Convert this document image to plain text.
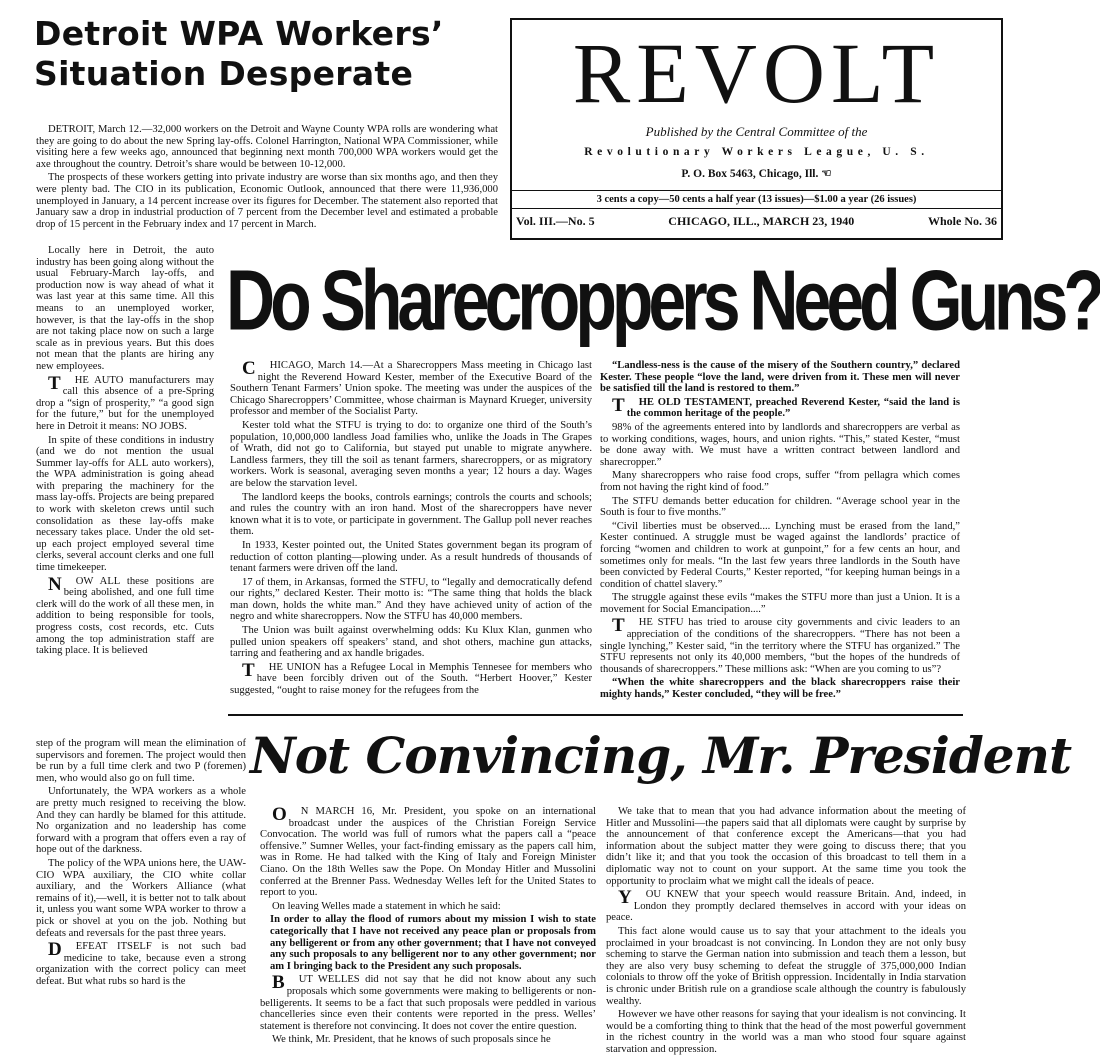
Detroit WPA Workers’
Situation Desperate

DETROIT, March 12.—32,000 workers on the Detroit and Wayne County WPA rolls are wondering what they are going to do about the new Spring lay-offs. Colonel Harrington, National WPA Commissioner, while visiting here a few weeks ago, announced that beginning next month 700,000 WPA workers would get the axe throughout the country. Detroit’s share would be between 10-12,000.

The prospects of these workers getting into private industry are worse than six months ago, and then they were plenty bad. The CIO in its publication, Economic Outlook, announced that there were 11,936,000 unemployed in January, a 14 percent increase over its figures for December. The statement also reported that January saw a drop in industrial production of 7 percent from the December level and estimated a probable drop of 15 percent in the February index and 17 percent in March.

Locally here in Detroit, the auto industry has been going along without the usual February-March lay-offs, and production now is way ahead of what it was last year at this same time. All this means to an unemployed worker, however, is that the lay-offs in the shop are not taking place now on such a large scale as in previous years. But this does not mean that the plants are hiring any new employees.

THE AUTO manufacturers may call this absence of a pre-Spring drop a “sign of prosperity,” “a good sign for the future,” but for the unemployed here in Detroit it means: NO JOBS.

In spite of these conditions in industry (and we do not mention the usual Summer lay-offs for ALL auto workers), the WPA administration is going ahead with preparing the machinery for the mass lay-offs. Projects are being prepared to work with skeleton crews until such consolidation as these lay-offs make necessary takes place. Under the old set-up each project employed several time clerks, several account clerks and one full time timekeeper.

NOW ALL these positions are being abolished, and one full time clerk will do the work of all these men, in addition to being responsible for tools, progress costs, cost records, etc. Cuts among the top administration staff are taking place. It is believed

step of the program will mean the elimination of supervisors and foremen. The project would then be run by a full time clerk and two P (foremen) men, who would also go on full time.

Unfortunately, the WPA workers as a whole are pretty much resigned to receiving the blow. And they can hardly be blamed for this attitude. No organization and no leadership has come forward with a program that offers even a ray of hope out of the darkness.

The policy of the WPA unions here, the UAW-CIO WPA auxiliary, the CIO white collar auxiliary, and the Workers Alliance (what remains of it),—well, it is better not to talk about it, unless you want some WPA worker to throw a pick or shovel at you on the job. Nothing but defeats and reversals for the past three years.

DEFEAT ITSELF is not such bad medicine to take, because even a strong organization with the correct policy can meet defeat. But what rubs so hard is the

REVOLT
Published by the Central Committee of the
Revolutionary Workers League, U. S.
P. O. Box 5463, Chicago, Ill. ☜
3 cents a copy—50 cents a half year (13 issues)—$1.00 a year (26 issues)
Vol. III.—No. 5	CHICAGO, ILL., MARCH 23, 1940	Whole No. 36
Do Sharecroppers Need Guns?

CHICAGO, March 14.—At a Sharecroppers Mass meeting in Chicago last night the Reverend Howard Kester, member of the Executive Board of the Southern Tenant Farmers’ Union spoke. The meeting was under the auspices of the Chicago Sharecroppers’ Committee, whose chairman is Maynard Krueger, university professor and member of the Socialist Party.

Kester told what the STFU is trying to do: to organize one third of the South’s population, 10,000,000 landless Joad families who, unlike the Joads in The Grapes of Wrath, did not go to California, but stayed put unable to migrate anywhere. Landless farmers, they till the soil as tenant farmers, sharecroppers, or as migratory workers. Work is seasonal, averaging seven months a year; 12 hours a day. Wages are below the starvation level.

The landlord keeps the books, controls earnings; controls the courts and schools; and rules the country with an iron hand. Most of the sharecroppers have never known what it is to vote, or participate in government. The Gallup poll never reaches them.

In 1933, Kester pointed out, the United States government began its program of reduction of cotton planting—plowing under. As a result hundreds of thousands of tenant farmers were driven off the land.

17 of them, in Arkansas, formed the STFU, to “legally and democratically defend our rights,” declared Kester. Their motto is: “The same thing that holds the black man down, holds the white man.” And they have achieved unity of action of the negro and white sharecroppers. Now the STFU has 40,000 members.

The Union was built against overwhelming odds: Ku Klux Klan, gunmen who pulled union speakers off speakers’ stand, and shot others, machine gun attacks, tarring and feathering and ax handle brigades.

THE UNION has a Refugee Local in Memphis Tennesee for members who have been forcibly driven out of the South. “Herbert Hoover,” Kester suggested, “ought to raise money for the refugees from the

“Landless-ness is the cause of the misery of the Southern country,” declared Kester. These people “love the land, were driven from it. These men will never be satisfied till the land is restored to them.”

THE OLD TESTAMENT, preached Reverend Kester, “said the land is the common heritage of the people.”

98% of the agreements entered into by landlords and sharecroppers are verbal as to working conditions, wages, hours, and union rights. “This,” stated Kester, “must be done away with. We must have a written contract between landlord and sharecropper.”

Many sharecroppers who raise food crops, suffer “from pellagra which comes from not having the right kind of food.”

The STFU demands better education for children. “Average school year in the South is four to five months.”

“Civil liberties must be observed.... Lynching must be erased from the land,” Kester continued. A struggle must be waged against the landlords’ practice of forcing “women and children to work at gunpoint,” for a few cents an hour, and sometimes only for meals. “In the last few years three landlords in the South have been convicted by Federal Courts,” Kester reported, “for keeping human beings in a condition of chattel slavery.”

The struggle against these evils “makes the STFU more than just a Union. It is a movement for Social Emancipation....”

THE STFU has tried to arouse city governments and civic leaders to an appreciation of the conditions of the sharecroppers. “There has not been a single lynching,” Kester said, “in the territory where the STFU has organized.” The STFU represents not only its 40,000 members, “but the hopes of the hundreds of thousands of sharecroppers.” These millions ask: “When are you coming to us”?

“When the white sharecroppers and the black sharecroppers raise their mighty hands,” Kester concluded, “they will be free.”

Not Convincing, Mr. President

ON MARCH 16, Mr. President, you spoke on an international broadcast under the auspices of the Christian Foreign Service Convocation. The world was full of rumors what the papers call a “peace offensive.” Sumner Welles, your fact-finding emissary as the papers call him, was in Rome. He had talked with the King of Italy and Foreign Minister Ciano. On the 18th Welles saw the Pope. On Monday Hitler and Mussolini conferred at the Brenner Pass. Wednesday Welles left for the United States to report to you.

On leaving Welles made a statement in which he said:

In order to allay the flood of rumors about my mission I wish to state categorically that I have not received any peace plan or proposals from any belligerent or from any other government; that I have not conveyed any such proposals to any belligerent nor to any other government; nor am I bringing back to the President any such proposals.

BUT WELLES did not say that he did not know about any such proposals which some governments were making to belligerents or non-belligerents. It seems to be a fact that such proposals were peddled in various chancelleries since even their contents were reported in the press. Welles’ statement is therefore not convincing. It does not cover the entire question.

We think, Mr. President, that he knows of such proposals since he

We take that to mean that you had advance information about the meeting of Hitler and Mussolini—the papers said that all diplomats were caught by surprise by the announcement of that conference except the Americans—that you had information about the subject matter they were going to discuss there; that you didn’t like it; and that you took the occasion of this broadcast to tell them in a diplomatic way not to count on your support. At the same time you took the opportunity to proclaim what we might call the ideals of peace.

YOU KNEW that your speech would reassure Britain. And, indeed, in London they promptly declared themselves in accord with your ideas on peace.

This fact alone would cause us to say that your attachment to the ideals you proclaimed in your broadcast is not convincing. In London they are not only busy scheming to starve the German nation into submission and teach them a lesson, but they are also very busy scheming to defeat the struggle of 375,000,000 Indian colonials to throw off the yoke of British oppression. Incidentally in India starvation is chronic under British rule on a grandiose scale although the country is fabulously wealthy.

However we have other reasons for saying that your idealism is not convincing. It would be a comforting thing to think that the head of the most powerful government in the richest country in the world was a man who stood four square against starvation and oppression.
